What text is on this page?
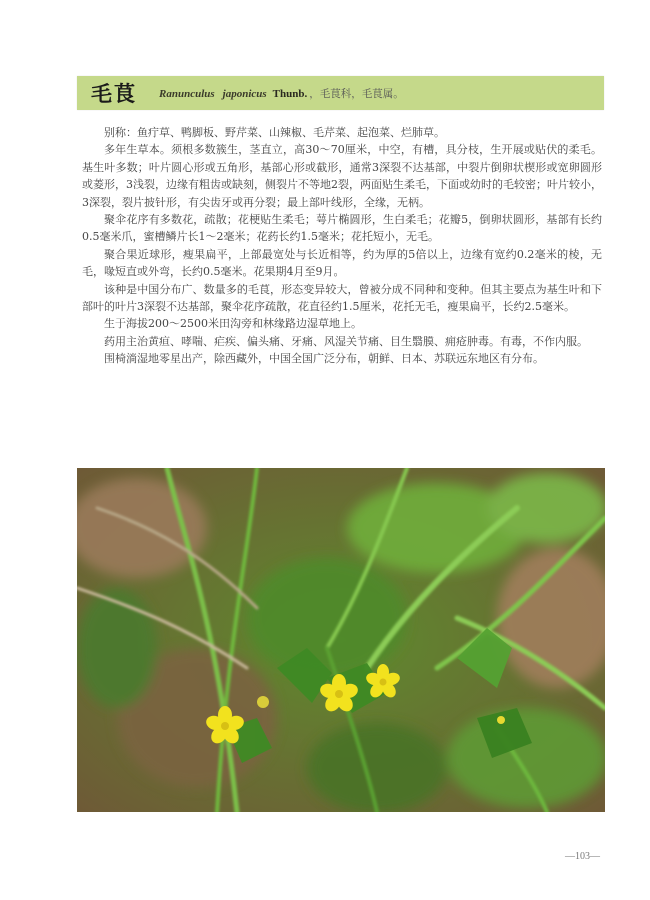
毛茛 Ranunculus japonicus Thunb. ，毛茛科，毛茛属。

别称：鱼疔草、鸭脚板、野芹菜、山辣椒、毛芹菜、起泡菜、烂肺草。

多年生草本。须根多数簇生，茎直立，高30～70厘米，中空，有槽，具分枝，生开展或贴伏的柔毛。基生叶多数；叶片圆心形或五角形，基部心形或截形，通常3深裂不达基部，中裂片倒卵状楔形或宽卵圆形或菱形，3浅裂，边缘有粗齿或缺刻，侧裂片不等地2裂，两面贴生柔毛，下面或幼时的毛较密；叶片较小，3深裂，裂片披针形，有尖齿牙或再分裂；最上部叶线形，全缘，无柄。

聚伞花序有多数花，疏散；花梗贴生柔毛；萼片椭圆形，生白柔毛；花瓣5，倒卵状圆形，基部有长约0.5毫米爪，蜜槽鳞片长1～2毫米；花药长约1.5毫米；花托短小，无毛。

聚合果近球形，瘦果扁平，上部最宽处与长近相等，约为厚的5倍以上，边缘有宽约0.2毫米的棱，无毛，喙短直或外弯，长约0.5毫米。花果期4月至9月。

该种是中国分布广、数量多的毛茛，形态变异较大，曾被分成不同种和变种。但其主要点为基生叶和下部叶的叶片3深裂不达基部，聚伞花序疏散，花直径约1.5厘米，花托无毛，瘦果扁平，长约2.5毫米。

生于海拔200～2500米田沟旁和林缘路边湿草地上。

药用主治黄疸、哮喘、疟疾、偏头痛、牙痛、风湿关节痛、目生翳膜、痈疮肿毒。有毒，不作内服。

围椅淌湿地零星出产，除西藏外，中国全国广泛分布，朝鲜、日本、苏联远东地区有分布。

—103—
